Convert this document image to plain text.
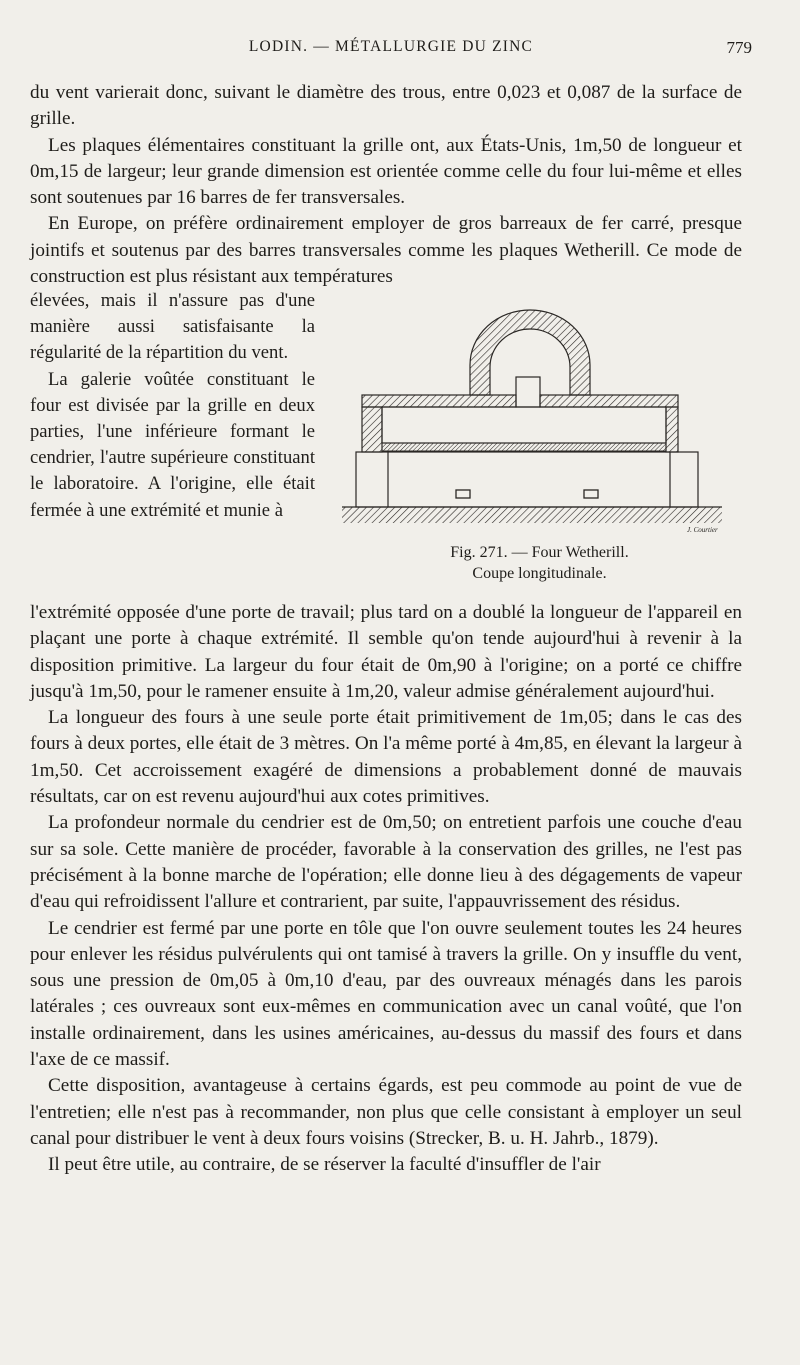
LODIN. — MÉTALLURGIE DU ZINC	779

du vent varierait donc, suivant le diamètre des trous, entre 0,023 et 0,087 de la surface de grille.

Les plaques élémentaires constituant la grille ont, aux États-Unis, 1m,50 de longueur et 0m,15 de largeur; leur grande dimension est orientée comme celle du four lui-même et elles sont soutenues par 16 barres de fer transversales.

En Europe, on préfère ordinairement employer de gros barreaux de fer carré, presque jointifs et soutenus par des barres transversales comme les plaques Wetherill. Ce mode de construction est plus résistant aux températures

élevées, mais il n'assure pas d'une manière aussi satisfaisante la régularité de la répartition du vent.

La galerie voûtée constituant le four est divisée par la grille en deux parties, l'une inférieure formant le cendrier, l'autre supérieure constituant le laboratoire. A l'origine, elle était fermée à une extrémité et munie à

J. Courtier
Fig. 271. — Four Wetherill.
Coupe longitudinale.

l'extrémité opposée d'une porte de travail; plus tard on a doublé la longueur de l'appareil en plaçant une porte à chaque extrémité. Il semble qu'on tende aujourd'hui à revenir à la disposition primitive. La largeur du four était de 0m,90 à l'origine; on a porté ce chiffre jusqu'à 1m,50, pour le ramener ensuite à 1m,20, valeur admise généralement aujourd'hui.

La longueur des fours à une seule porte était primitivement de 1m,05; dans le cas des fours à deux portes, elle était de 3 mètres. On l'a même porté à 4m,85, en élevant la largeur à 1m,50. Cet accroissement exagéré de dimensions a probablement donné de mauvais résultats, car on est revenu aujourd'hui aux cotes primitives.

La profondeur normale du cendrier est de 0m,50; on entretient parfois une couche d'eau sur sa sole. Cette manière de procéder, favorable à la conservation des grilles, ne l'est pas précisément à la bonne marche de l'opération; elle donne lieu à des dégagements de vapeur d'eau qui refroidissent l'allure et contrarient, par suite, l'appauvrissement des résidus.

Le cendrier est fermé par une porte en tôle que l'on ouvre seulement toutes les 24 heures pour enlever les résidus pulvérulents qui ont tamisé à travers la grille. On y insuffle du vent, sous une pression de 0m,05 à 0m,10 d'eau, par des ouvreaux ménagés dans les parois latérales ; ces ouvreaux sont eux-mêmes en communication avec un canal voûté, que l'on installe ordinairement, dans les usines américaines, au-dessus du massif des fours et dans l'axe de ce massif.

Cette disposition, avantageuse à certains égards, est peu commode au point de vue de l'entretien; elle n'est pas à recommander, non plus que celle consistant à employer un seul canal pour distribuer le vent à deux fours voisins (Strecker, B. u. H. Jahrb., 1879).

Il peut être utile, au contraire, de se réserver la faculté d'insuffler de l'air
